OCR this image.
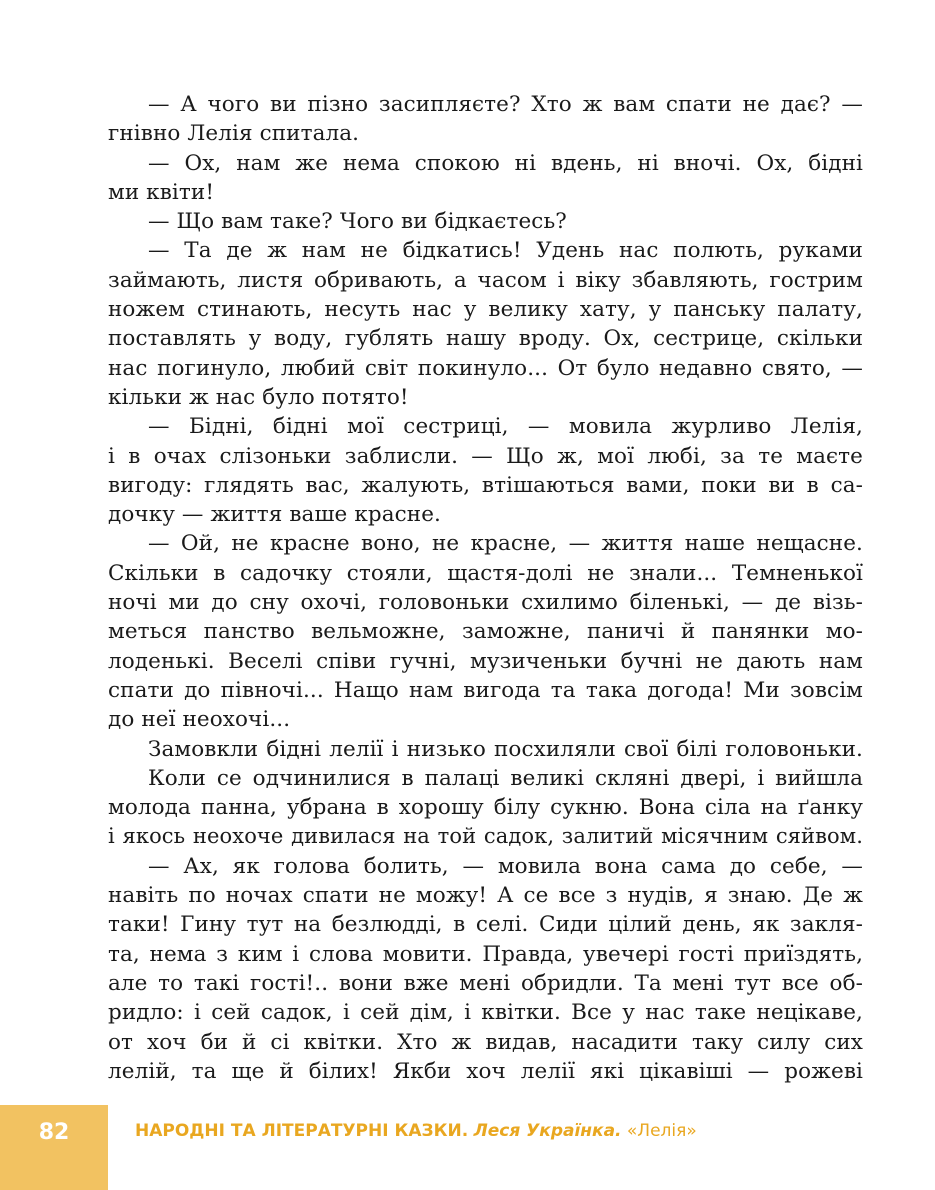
— А чого ви пізно засипляєте? Хто ж вам спати не дає? —
гнівно Лелія спитала.
— Ох, нам же нема спокою ні вдень, ні вночі. Ох, бідні
ми квіти!
— Що вам таке? Чого ви бідкаєтесь?
— Та де ж нам не бідкатись! Удень нас полють, руками
займають, листя обривають, а часом і віку збавляють, гострим
ножем стинають, несуть нас у велику хату, у панську палату,
поставлять у воду, гублять нашу вроду. Ох, сестрице, скільки
нас погинуло, любий світ покинуло... От було недавно свято, —
кільки ж нас було потято!
— Бідні, бідні мої сестриці, — мовила журливо Лелія,
і в очах слізоньки заблисли. — Що ж, мої любі, за те маєте
вигоду: глядять вас, жалують, втішаються вами, поки ви в са-
дочку — життя ваше красне.
— Ой, не красне воно, не красне, — життя наше нещасне.
Скільки в садочку стояли, щастя-долі не знали... Темненької
ночі ми до сну охочі, головоньки схилимо біленькі, — де візь-
меться панство вельможне, заможне, паничі й панянки мо-
лоденькі. Веселі співи гучні, музиченьки бучні не дають нам
спати до півночі... Нащо нам вигода та така догода! Ми зовсім
до неї неохочі...
Замовкли бідні лелії і низько посхиляли свої білі головоньки.
Коли се одчинилися в палаці великі скляні двері, і вийшла
молода панна, убрана в хорошу білу сукню. Вона сіла на ґанку
і якось неохоче дивилася на той садок, залитий місячним сяйвом.
— Ах, як голова болить, — мовила вона сама до себе, —
навіть по ночах спати не можу! А се все з нудів, я знаю. Де ж
таки! Гину тут на безлюдді, в селі. Сиди цілий день, як закля-
та, нема з ким і слова мовити. Правда, увечері гості приїздять,
але то такі гості!.. вони вже мені обридли. Та мені тут все об-
ридло: і сей садок, і сей дім, і квітки. Все у нас таке нецікаве,
от хоч би й сі квітки. Хто ж видав, насадити таку силу сих
лелій, та ще й білих! Якби хоч лелії які цікавіші — рожеві
82	НАРОДНІ ТА ЛІТЕРАТУРНІ КАЗКИ. Леся Українка. «Лелія»
